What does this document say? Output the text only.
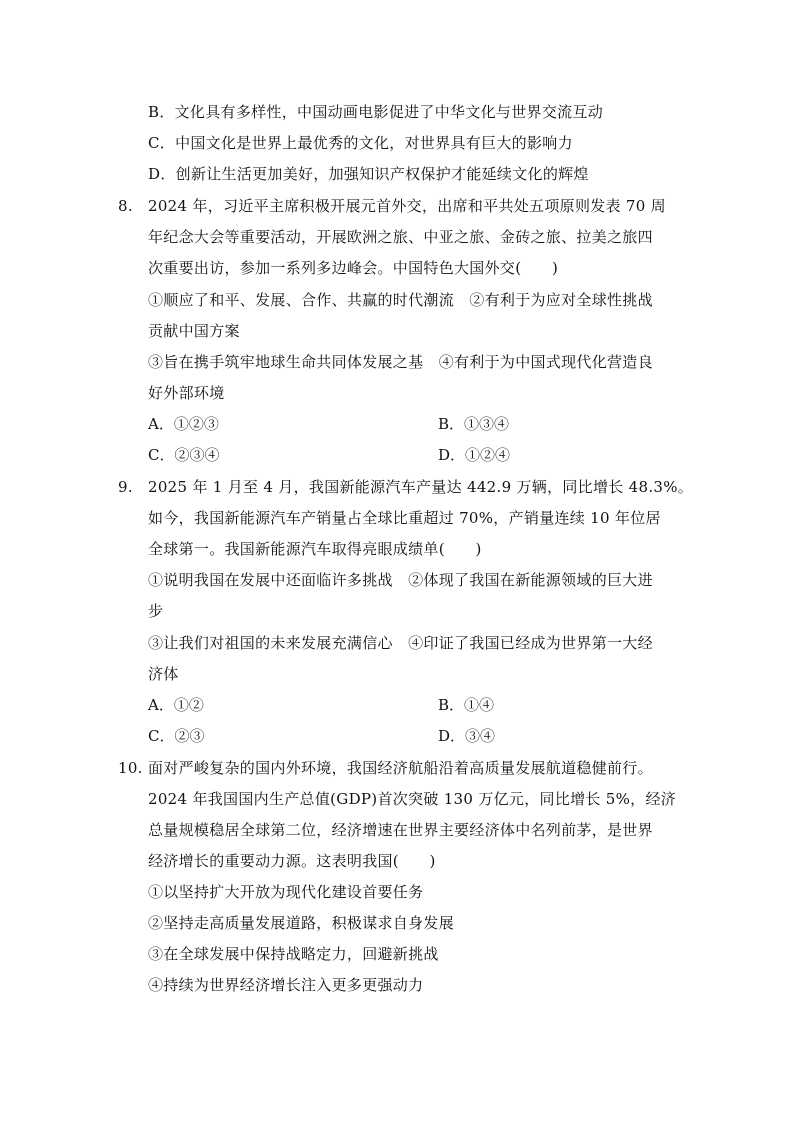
B．文化具有多样性，中国动画电影促进了中华文化与世界交流互动
C．中国文化是世界上最优秀的文化，对世界具有巨大的影响力
D．创新让生活更加美好，加强知识产权保护才能延续文化的辉煌
8. 2024 年，习近平主席积极开展元首外交，出席和平共处五项原则发表 70 周
年纪念大会等重要活动，开展欧洲之旅、中亚之旅、金砖之旅、拉美之旅四
次重要出访，参加一系列多边峰会。中国特色大国外交(　　)
①顺应了和平、发展、合作、共赢的时代潮流　②有利于为应对全球性挑战
贡献中国方案
③旨在携手筑牢地球生命共同体发展之基　④有利于为中国式现代化营造良
好外部环境
A．①②③	B．①③④
C．②③④	D．①②④
9. 2025 年 1 月至 4 月，我国新能源汽车产量达 442.9 万辆，同比增长 48.3%。
如今，我国新能源汽车产销量占全球比重超过 70%，产销量连续 10 年位居
全球第一。我国新能源汽车取得亮眼成绩单(　　)
①说明我国在发展中还面临许多挑战　②体现了我国在新能源领域的巨大进
步
③让我们对祖国的未来发展充满信心　④印证了我国已经成为世界第一大经
济体
A．①②	B．①④
C．②③	D．③④
10. 面对严峻复杂的国内外环境，我国经济航船沿着高质量发展航道稳健前行。
2024 年我国国内生产总值(GDP)首次突破 130 万亿元，同比增长 5%，经济
总量规模稳居全球第二位，经济增速在世界主要经济体中名列前茅，是世界
经济增长的重要动力源。这表明我国(　　)
①以坚持扩大开放为现代化建设首要任务
②坚持走高质量发展道路，积极谋求自身发展
③在全球发展中保持战略定力，回避新挑战
④持续为世界经济增长注入更多更强动力
